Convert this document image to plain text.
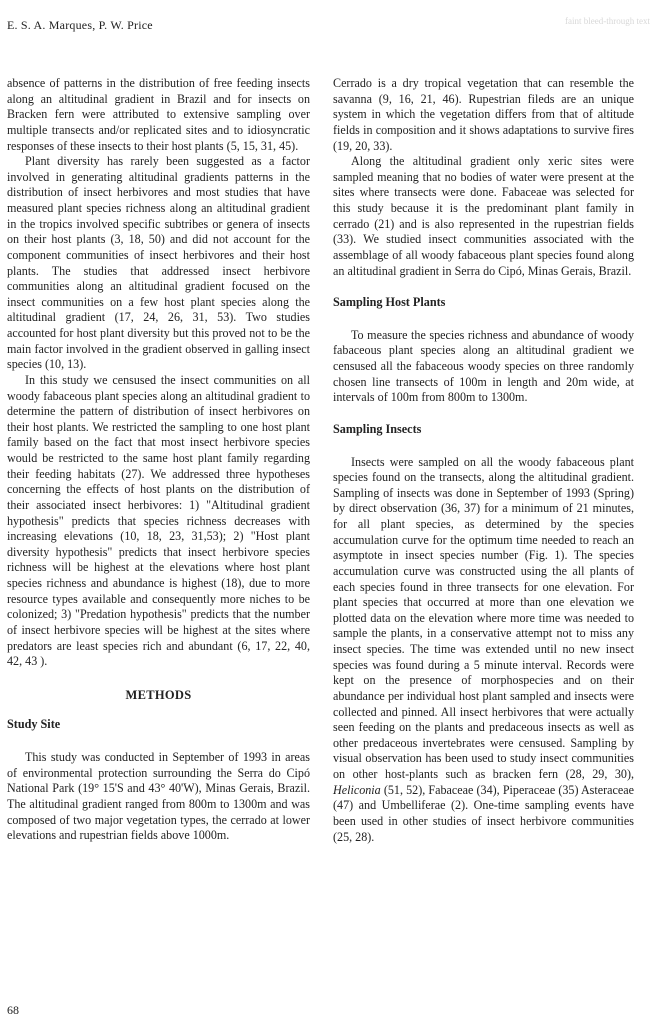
E. S. A. Marques, P. W. Price	faint bleed-through text

absence of patterns in the distribution of free feeding insects along an altitudinal gradient in Brazil and for insects on Bracken fern were attributed to extensive sampling over multiple transects and/or replicated sites and to idiosyncratic responses of these insects to their host plants (5, 15, 31, 45).

Plant diversity has rarely been suggested as a factor involved in generating altitudinal gradients patterns in the distribution of insect herbivores and most studies that have measured plant species richness along an altitudinal gradient in the tropics involved specific subtribes or genera of insects on their host plants (3, 18, 50) and did not account for the component communities of insect herbivores and their host plants. The studies that addressed insect herbivore communities along an altitudinal gradient focused on the insect communities on a few host plant species along the altitudinal gradient (17, 24, 26, 31, 53). Two studies accounted for host plant diversity but this proved not to be the main factor involved in the gradient observed in galling insect species (10, 13).

In this study we censused the insect communities on all woody fabaceous plant species along an altitudinal gradient to determine the pattern of distribution of insect herbivores on their host plants. We restricted the sampling to one host plant family based on the fact that most insect herbivore species would be restricted to the same host plant family regarding their feeding habitats (27). We addressed three hypotheses concerning the effects of host plants on the distribution of their associated insect herbivores: 1) "Altitudinal gradient hypothesis" predicts that species richness decreases with increasing elevations (10, 18, 23, 31,53); 2) "Host plant diversity hypothesis" predicts that insect herbivore species richness will be highest at the elevations where host plant species richness and abundance is highest (18), due to more resource types available and consequently more niches to be colonized; 3) "Predation hypothesis" predicts that the number of insect herbivore species will be highest at the sites where predators are least species rich and abundant (6, 17, 22, 40, 42, 43 ).

METHODS

Study Site

This study was conducted in September of 1993 in areas of environmental protection surrounding the Serra do Cipó National Park (19° 15'S and 43° 40'W), Minas Gerais, Brazil. The altitudinal gradient ranged from 800m to 1300m and was composed of two major vegetation types, the cerrado at lower elevations and rupestrian fields above 1000m.

Cerrado is a dry tropical vegetation that can resemble the savanna (9, 16, 21, 46). Rupestrian fileds are an unique system in which the vegetation differs from that of altitude fields in composition and it shows adaptations to survive fires (19, 20, 33).

Along the altitudinal gradient only xeric sites were sampled meaning that no bodies of water were present at the sites where transects were done. Fabaceae was selected for this study because it is the predominant plant family in cerrado (21) and is also represented in the rupestrian fields (33). We studied insect communities associated with the assemblage of all woody fabaceous plant species found along an altitudinal gradient in Serra do Cipó, Minas Gerais, Brazil.

Sampling Host Plants

To measure the species richness and abundance of woody fabaceous plant species along an altitudinal gradient we censused all the fabaceous woody species on three randomly chosen line transects of 100m in length and 20m wide, at intervals of 100m from 800m to 1300m.

Sampling Insects

Insects were sampled on all the woody fabaceous plant species found on the transects, along the altitudinal gradient. Sampling of insects was done in September of 1993 (Spring) by direct observation (36, 37) for a minimum of 21 minutes, for all plant species, as determined by the species accumulation curve for the optimum time needed to reach an asymptote in insect species number (Fig. 1). The species accumulation curve was constructed using the all plants of each species found in three transects for one elevation. For plant species that occurred at more than one elevation we plotted data on the elevation where more time was needed to sample the plants, in a conservative attempt not to miss any insect species. The time was extended until no new insect species was found during a 5 minute interval. Records were kept on the presence of morphospecies and on their abundance per individual host plant sampled and insects were collected and pinned. All insect herbivores that were actually seen feeding on the plants and predaceous insects as well as other predaceous invertebrates were censused. Sampling by visual observation has been used to study insect communities on other host-plants such as bracken fern (28, 29, 30), Heliconia (51, 52), Fabaceae (34), Piperaceae (35) Asteraceae (47) and Umbelliferae (2). One-time sampling events have been used in other studies of insect herbivore communities (25, 28).

68
